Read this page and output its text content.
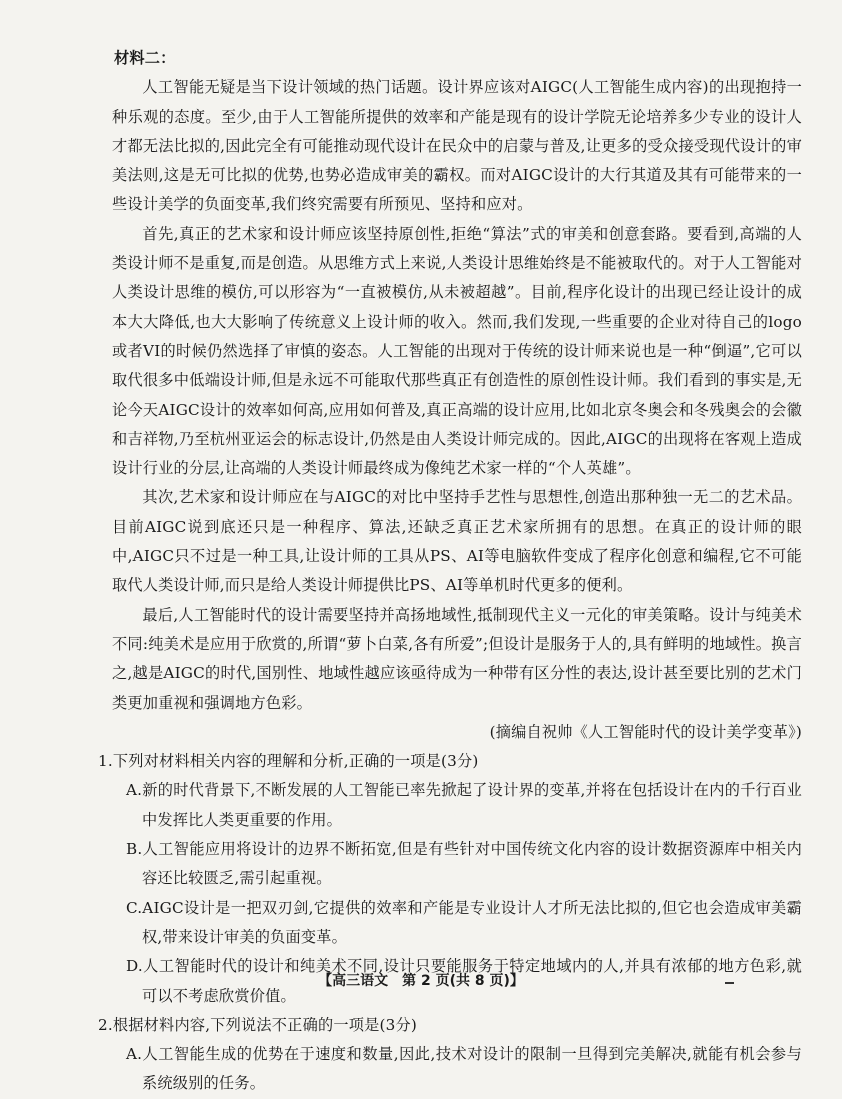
材料二：

人工智能无疑是当下设计领域的热门话题。设计界应该对AIGC(人工智能生成内容)的出现抱持一种乐观的态度。至少,由于人工智能所提供的效率和产能是现有的设计学院无论培养多少专业的设计人才都无法比拟的,因此完全有可能推动现代设计在民众中的启蒙与普及,让更多的受众接受现代设计的审美法则,这是无可比拟的优势,也势必造成审美的霸权。而对AIGC设计的大行其道及其有可能带来的一些设计美学的负面变革,我们终究需要有所预见、坚持和应对。

首先,真正的艺术家和设计师应该坚持原创性,拒绝“算法”式的审美和创意套路。要看到,高端的人类设计师不是重复,而是创造。从思维方式上来说,人类设计思维始终是不能被取代的。对于人工智能对人类设计思维的模仿,可以形容为“一直被模仿,从未被超越”。目前,程序化设计的出现已经让设计的成本大大降低,也大大影响了传统意义上设计师的收入。然而,我们发现,一些重要的企业对待自己的logo或者VI的时候仍然选择了审慎的姿态。人工智能的出现对于传统的设计师来说也是一种“倒逼”,它可以取代很多中低端设计师,但是永远不可能取代那些真正有创造性的原创性设计师。我们看到的事实是,无论今天AIGC设计的效率如何高,应用如何普及,真正高端的设计应用,比如北京冬奥会和冬残奥会的会徽和吉祥物,乃至杭州亚运会的标志设计,仍然是由人类设计师完成的。因此,AIGC的出现将在客观上造成设计行业的分层,让高端的人类设计师最终成为像纯艺术家一样的“个人英雄”。

其次,艺术家和设计师应在与AIGC的对比中坚持手艺性与思想性,创造出那种独一无二的艺术品。目前AIGC说到底还只是一种程序、算法,还缺乏真正艺术家所拥有的思想。在真正的设计师的眼中,AIGC只不过是一种工具,让设计师的工具从PS、AI等电脑软件变成了程序化创意和编程,它不可能取代人类设计师,而只是给人类设计师提供比PS、AI等单机时代更多的便利。

最后,人工智能时代的设计需要坚持并高扬地域性,抵制现代主义一元化的审美策略。设计与纯美术不同:纯美术是应用于欣赏的,所谓“萝卜白菜,各有所爱”;但设计是服务于人的,具有鲜明的地域性。换言之,越是AIGC的时代,国别性、地域性越应该亟待成为一种带有区分性的表达,设计甚至要比别的艺术门类更加重视和强调地方色彩。

(摘编自祝帅《人工智能时代的设计美学变革》)
1.下列对材料相关内容的理解和分析,正确的一项是(3分)
A.新的时代背景下,不断发展的人工智能已率先掀起了设计界的变革,并将在包括设计在内的千行百业中发挥比人类更重要的作用。
B.人工智能应用将设计的边界不断拓宽,但是有些针对中国传统文化内容的设计数据资源库中相关内容还比较匮乏,需引起重视。
C.AIGC设计是一把双刃剑,它提供的效率和产能是专业设计人才所无法比拟的,但它也会造成审美霸权,带来设计审美的负面变革。
D.人工智能时代的设计和纯美术不同,设计只要能服务于特定地域内的人,并具有浓郁的地方色彩,就可以不考虑欣赏价值。
2.根据材料内容,下列说法不正确的一项是(3分)
A.人工智能生成的优势在于速度和数量,因此,技术对设计的限制一旦得到完美解决,就能有机会参与系统级别的任务。
【高三语文　第 2 页(共 8 页)】
